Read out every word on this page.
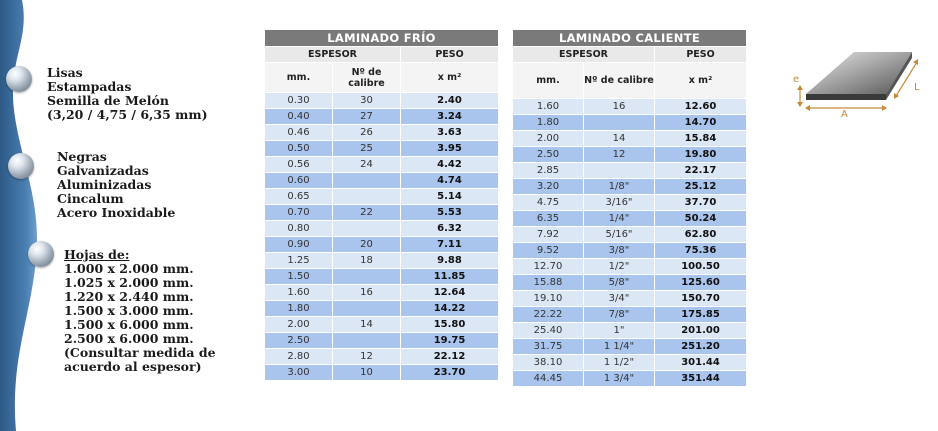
Lisas
Estampadas
Semilla de Melón
(3,20 / 4,75 / 6,35 mm)
Negras
Galvanizadas
Aluminizadas
Cincalum
Acero Inoxidable
Hojas de:
1.000 x 2.000 mm.
1.025 x 2.000 mm.
1.220 x 2.440 mm.
1.500 x 3.000 mm.
1.500 x 6.000 mm.
2.500 x 6.000 mm.
(Consultar medida de
acuerdo al espesor)
LAMINADO FRÍO		
ESPESOR		PESO
mm.	Nº de calibre	x m²
0.30	30	2.40
0.40	27	3.24
0.46	26	3.63
0.50	25	3.95
0.56	24	4.42
0.60		4.74
0.65		5.14
0.70	22	5.53
0.80		6.32
0.90	20	7.11
1.25	18	9.88
1.50		11.85
1.60	16	12.64
1.80		14.22
2.00	14	15.80
2.50		19.75
2.80	12	22.12
3.00	10	23.70
LAMINADO CALIENTE		
ESPESOR		PESO
mm.	Nº de calibre	x m²
1.60	16	12.60
1.80		14.70
2.00	14	15.84
2.50	12	19.80
2.85		22.17
3.20	1/8"	25.12
4.75	3/16"	37.70
6.35	1/4"	50.24
7.92	5/16"	62.80
9.52	3/8"	75.36
12.70	1/2"	100.50
15.88	5/8"	125.60
19.10	3/4"	150.70
22.22	7/8"	175.85
25.40	1"	201.00
31.75	1 1/4"	251.20
38.10	1 1/2"	301.44
44.45	1 3/4"	351.44
e
L
A
